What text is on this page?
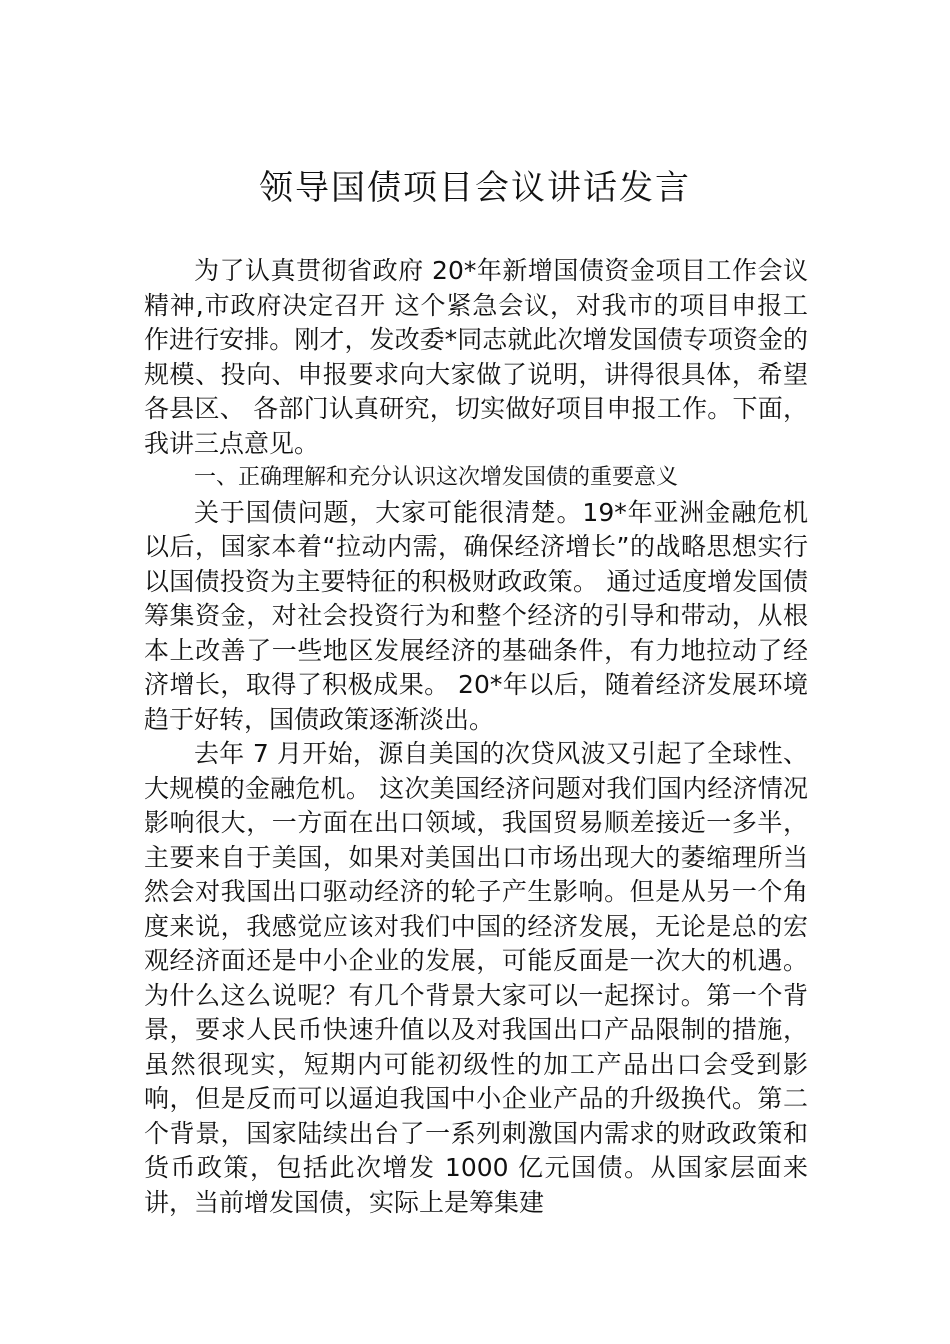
领导国债项目会议讲话发言

为了认真贯彻省政府 20*年新增国债资金项目工作会议精神,市政府决定召开 这个紧急会议，对我市的项目申报工作进行安排。刚才，发改委*同志就此次增发国债专项资金的规模、投向、申报要求向大家做了说明，讲得很具体，希望各县区、 各部门认真研究，切实做好项目申报工作。下面，我讲三点意见。

一、正确理解和充分认识这次增发国债的重要意义

关于国债问题，大家可能很清楚。19*年亚洲金融危机以后，国家本着“拉动内需，确保经济增长”的战略思想实行以国债投资为主要特征的积极财政政策。 通过适度增发国债筹集资金，对社会投资行为和整个经济的引导和带动，从根本上改善了一些地区发展经济的基础条件，有力地拉动了经济增长，取得了积极成果。 20*年以后，随着经济发展环境趋于好转，国债政策逐渐淡出。

去年 7 月开始，源自美国的次贷风波又引起了全球性、大规模的金融危机。 这次美国经济问题对我们国内经济情况影响很大，一方面在出口领域，我国贸易顺差接近一多半，主要来自于美国，如果对美国出口市场出现大的萎缩理所当然会对我国出口驱动经济的轮子产生影响。但是从另一个角度来说，我感觉应该对我们中国的经济发展，无论是总的宏观经济面还是中小企业的发展，可能反面是一次大的机遇。为什么这么说呢？有几个背景大家可以一起探讨。第一个背景，要求人民币快速升值以及对我国出口产品限制的措施，虽然很现实，短期内可能初级性的加工产品出口会受到影响，但是反而可以逼迫我国中小企业产品的升级换代。第二个背景，国家陆续出台了一系列刺激国内需求的财政政策和货币政策，包括此次增发 1000 亿元国债。从国家层面来讲，当前增发国债，实际上是筹集建
